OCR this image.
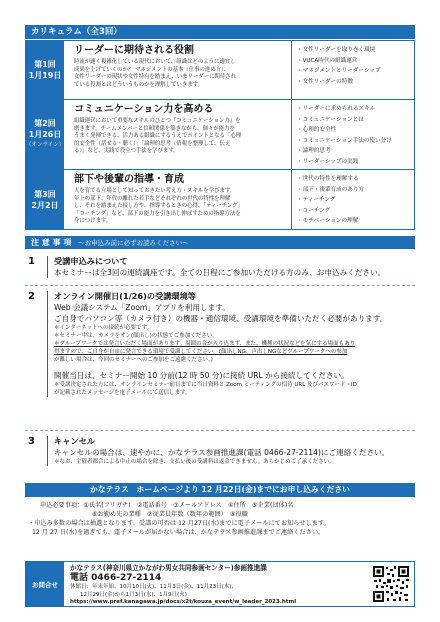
カリキュラム（全3回）
第1回
1月19日
リーダーに期待される役割
時流が速く複雑化している現代において、組織はどのように適宜し
成果を上げていくのか？ マネジメントの基本（仕事の進め方）、
女性リーダーの現状や女性特有を踏まえ、いまリーダーに期待され
ている役割とはどういうものかを理解していきます。
・女性リーダーを取り巻く環境
・VUCA時代の組織運営
・マネジメントとリーダーシップ
・女性リーダーの特徴
第2回
1月26日
（オンライン）
コミュニケーション力を高める
組織運営において重要なスキルのひとつ『コミュニケーション力』を
磨きます。チームメンバーと信頼関係を築きながら、個々が能力を
うまく発揮できる、活力ある組織にするうえでポイントとなる「心理
的安全性（話せる・聴く）」「論理的思考（情報を整理して、伝え
る）」など、実践で役立つ手法を学びます。
・リーダーに求められるスキル
・コミュニケーションとは
・心理的安全性
・コミュニケーション手法の使い分け
・論理的思考
・リーダーシップの実践
第3回
2月2日
部下や後輩の指導・育成
人を育てる立場として知っておきたい考え方・スキルを学びます。
年上の部下、年代の離れた若手などそれぞれの世代の特性を理解
し、それを踏まえた接し方や、指導するときの心得、「ティーチング」
「コーチング」など、部下の能力を引き出し伸ばすための指導方法を
身につけます。
・世代の特性を理解する
・部下・後輩育成のあり方
・ティーチング
・コーチング
・モチベーションの理解
注 意 事 項 ～お申込み前に必ずお読みください～
1 受講申込みについて
本セミナーは全3回の連続講座です。全ての日程にご参加いただける方のみ、お申込みください。
2 オンライン開催日(1/26)の受講環境等
Web 会議システム「Zoom」アプリを利用します。
ご自身でパソコン等（カメラ付き）の機器・通信環境、受講環境を準備いただく必要があります。
＊インターネットへの接続が必要です。
＊セミナー中は、カメラをオン(顔出し)の状態でご参加ください。
＊グループワークでは発言いただく場面があります。周囲の音が入り込まず、また、機種の状況などを気にする場面もあり
得ますので、ご自身が自由に発言できる環境で受講してください。(顔出しNG、声出しNGなどグループワークへの参加
が難しい場合は、今回のセミナーへのご参加をご遠慮ください。)
開催当日は、セミナー開始 10 分前(12 時 50 分)に接続 URL から接続してください。
＊受講決定された方には、オンラインセミナー前日までに当日資料と Zoom ミーティングの招待 URL 及びパスワード・ID
が記載されたメッセージを電子メールにて送信します。
3 キャンセル
キャンセルの場合は、速やかに、かなテラス参画推進課(電話 0466-27-2114)にご連絡ください。
＊なお、主催者都合による中止の場合を除き、支払い後の受講料は返金できません。あらかじめご了承ください。
かなテラス　ホームページより 12 月22日(金)までにお申し込みください
申込必要事項：①氏名(フリガナ)　②電話番号　③メールアドレス　④住所　⑤企業(団体)名
⑥お勤め先の業種　⑦従業員年数（数年の範囲）　⑧役職
・申込み多数の場合は抽選となります。受講の可否は 12 月27日(水)までに電子メールにてお知らせします。
12 月 27 日(水)を過ぎても、電子メールが届かない場合は、かなテラス参画推進課までご連絡ください。
お問合せ
かなテラス(神奈川県立かながわ男女共同参画センター)参画推進課
電話 0466-27-2114
休館日：年末年始、10月10日(火)、11月3日(金)、11月23日(木)、
12月29日(金)から1月3日(水)、1月9日(火)
https://www.pref.kanagawa.jp/docs/x2t/kouza_event/w_leader_2023.html
